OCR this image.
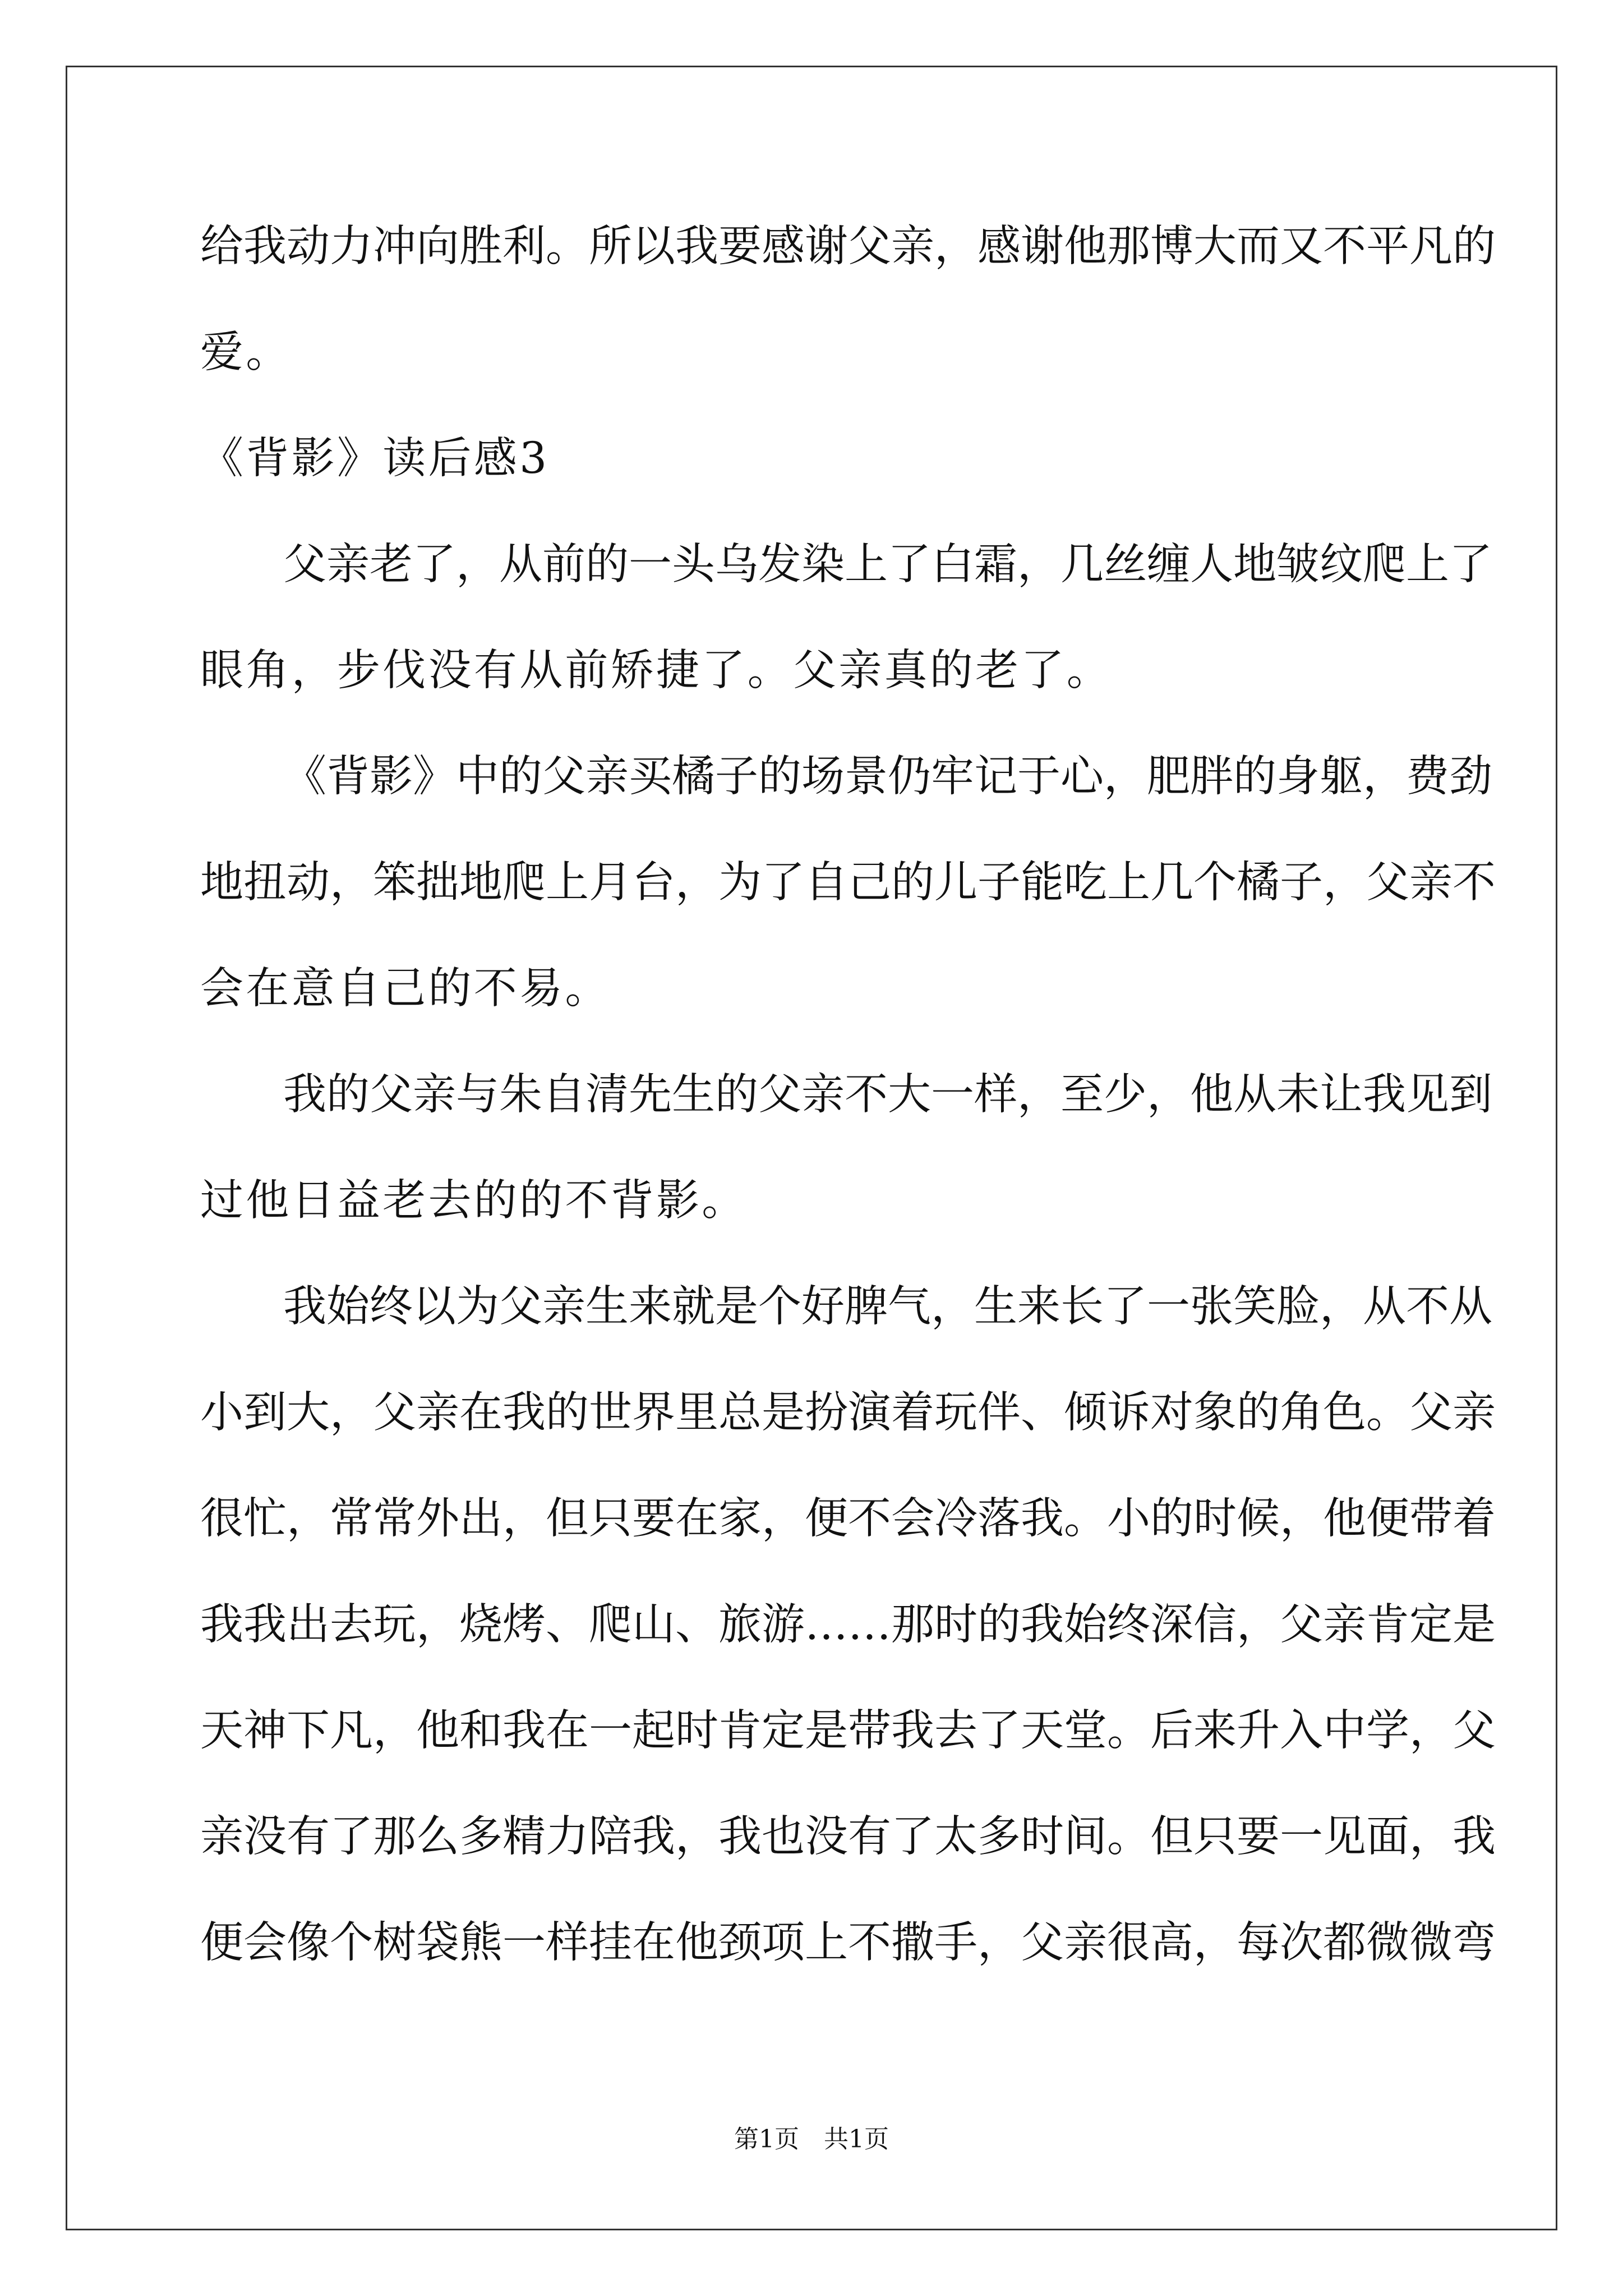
给我动力冲向胜利。所以我要感谢父亲，感谢他那博大而又不平凡的
爱。
《背影》读后感3
父亲老了，从前的一头乌发染上了白霜，几丝缠人地皱纹爬上了
眼角，步伐没有从前矫捷了。父亲真的老了。
《背影》中的父亲买橘子的场景仍牢记于心，肥胖的身躯，费劲
地扭动，笨拙地爬上月台，为了自己的儿子能吃上几个橘子，父亲不
会在意自己的不易。
我的父亲与朱自清先生的父亲不大一样，至少，他从未让我见到
过他日益老去的的不背影。
我始终以为父亲生来就是个好脾气，生来长了一张笑脸，从不从
小到大，父亲在我的世界里总是扮演着玩伴、倾诉对象的角色。父亲
很忙，常常外出，但只要在家，便不会冷落我。小的时候，他便带着
我我出去玩，烧烤、爬山、旅游……那时的我始终深信，父亲肯定是
天神下凡，他和我在一起时肯定是带我去了天堂。后来升入中学，父
亲没有了那么多精力陪我，我也没有了太多时间。但只要一见面，我
便会像个树袋熊一样挂在他颈项上不撒手，父亲很高，每次都微微弯
第1页　共1页
